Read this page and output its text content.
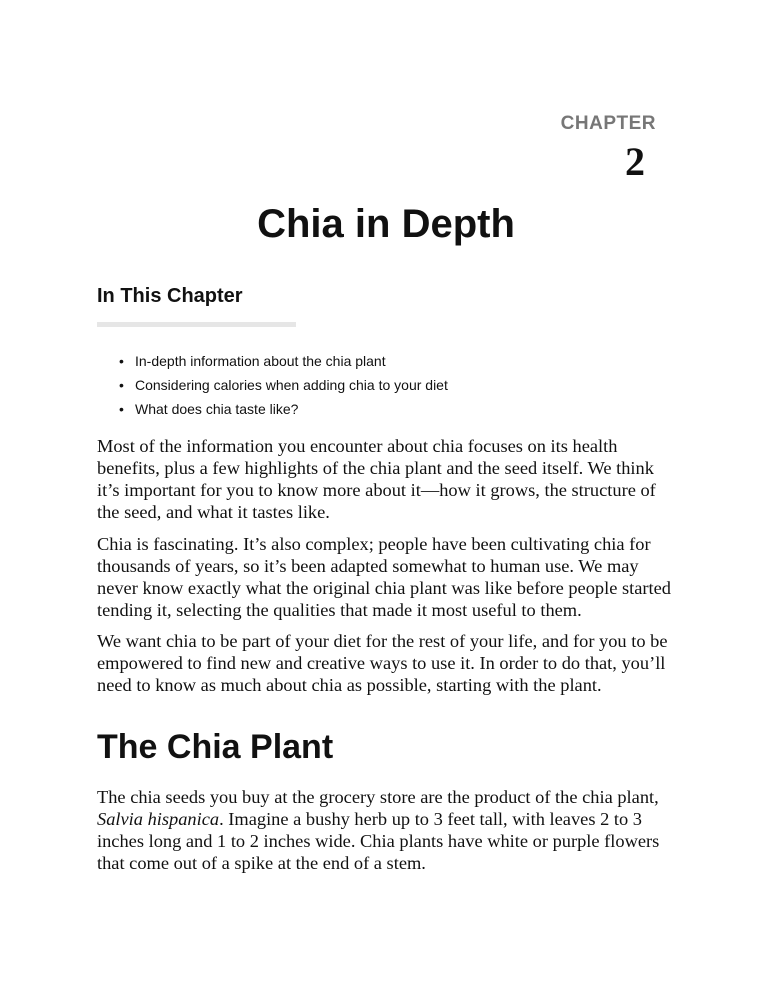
CHAPTER
2
Chia in Depth
In This Chapter
• In-depth information about the chia plant
• Considering calories when adding chia to your diet
• What does chia taste like?

Most of the information you encounter about chia focuses on its health benefits, plus a few highlights of the chia plant and the seed itself. We think it’s important for you to know more about it—how it grows, the structure of the seed, and what it tastes like.

Chia is fascinating. It’s also complex; people have been cultivating chia for thousands of years, so it’s been adapted somewhat to human use. We may never know exactly what the original chia plant was like before people started tending it, selecting the qualities that made it most useful to them.

We want chia to be part of your diet for the rest of your life, and for you to be empowered to find new and creative ways to use it. In order to do that, you’ll need to know as much about chia as possible, starting with the plant.

The Chia Plant

The chia seeds you buy at the grocery store are the product of the chia plant, Salvia hispanica. Imagine a bushy herb up to 3 feet tall, with leaves 2 to 3 inches long and 1 to 2 inches wide. Chia plants have white or purple flowers that come out of a spike at the end of a stem.
